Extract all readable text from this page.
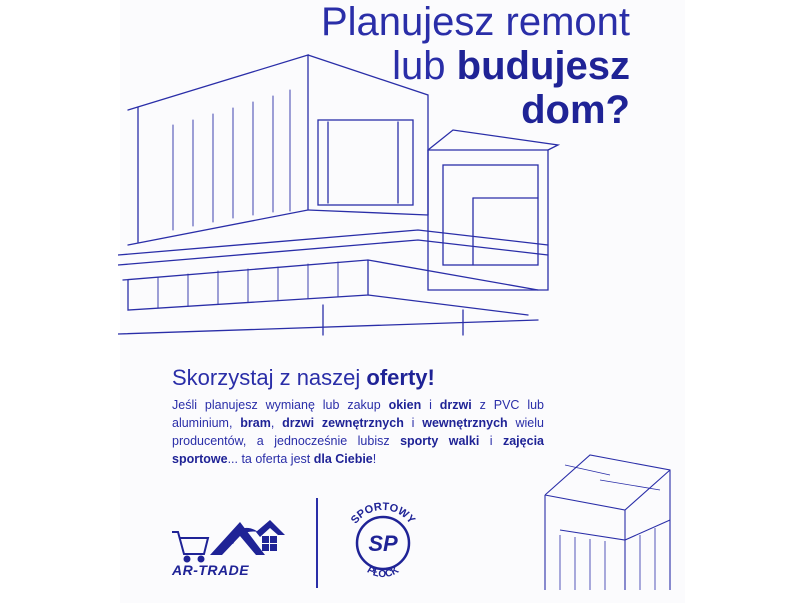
Planujesz remont
lub budujesz
dom?
Skorzystaj z naszej oferty!
Jeśli planujesz wymianę lub zakup okien i drzwi z PVC lub aluminium, bram, drzwi zewnętrznych i wewnętrznych wielu producentów, a jednocześnie lubisz sporty walki i zajęcia sportowe... ta oferta jest dla Ciebie!
AR-TRADE
SPORTOWY
SP
PŁOCK
